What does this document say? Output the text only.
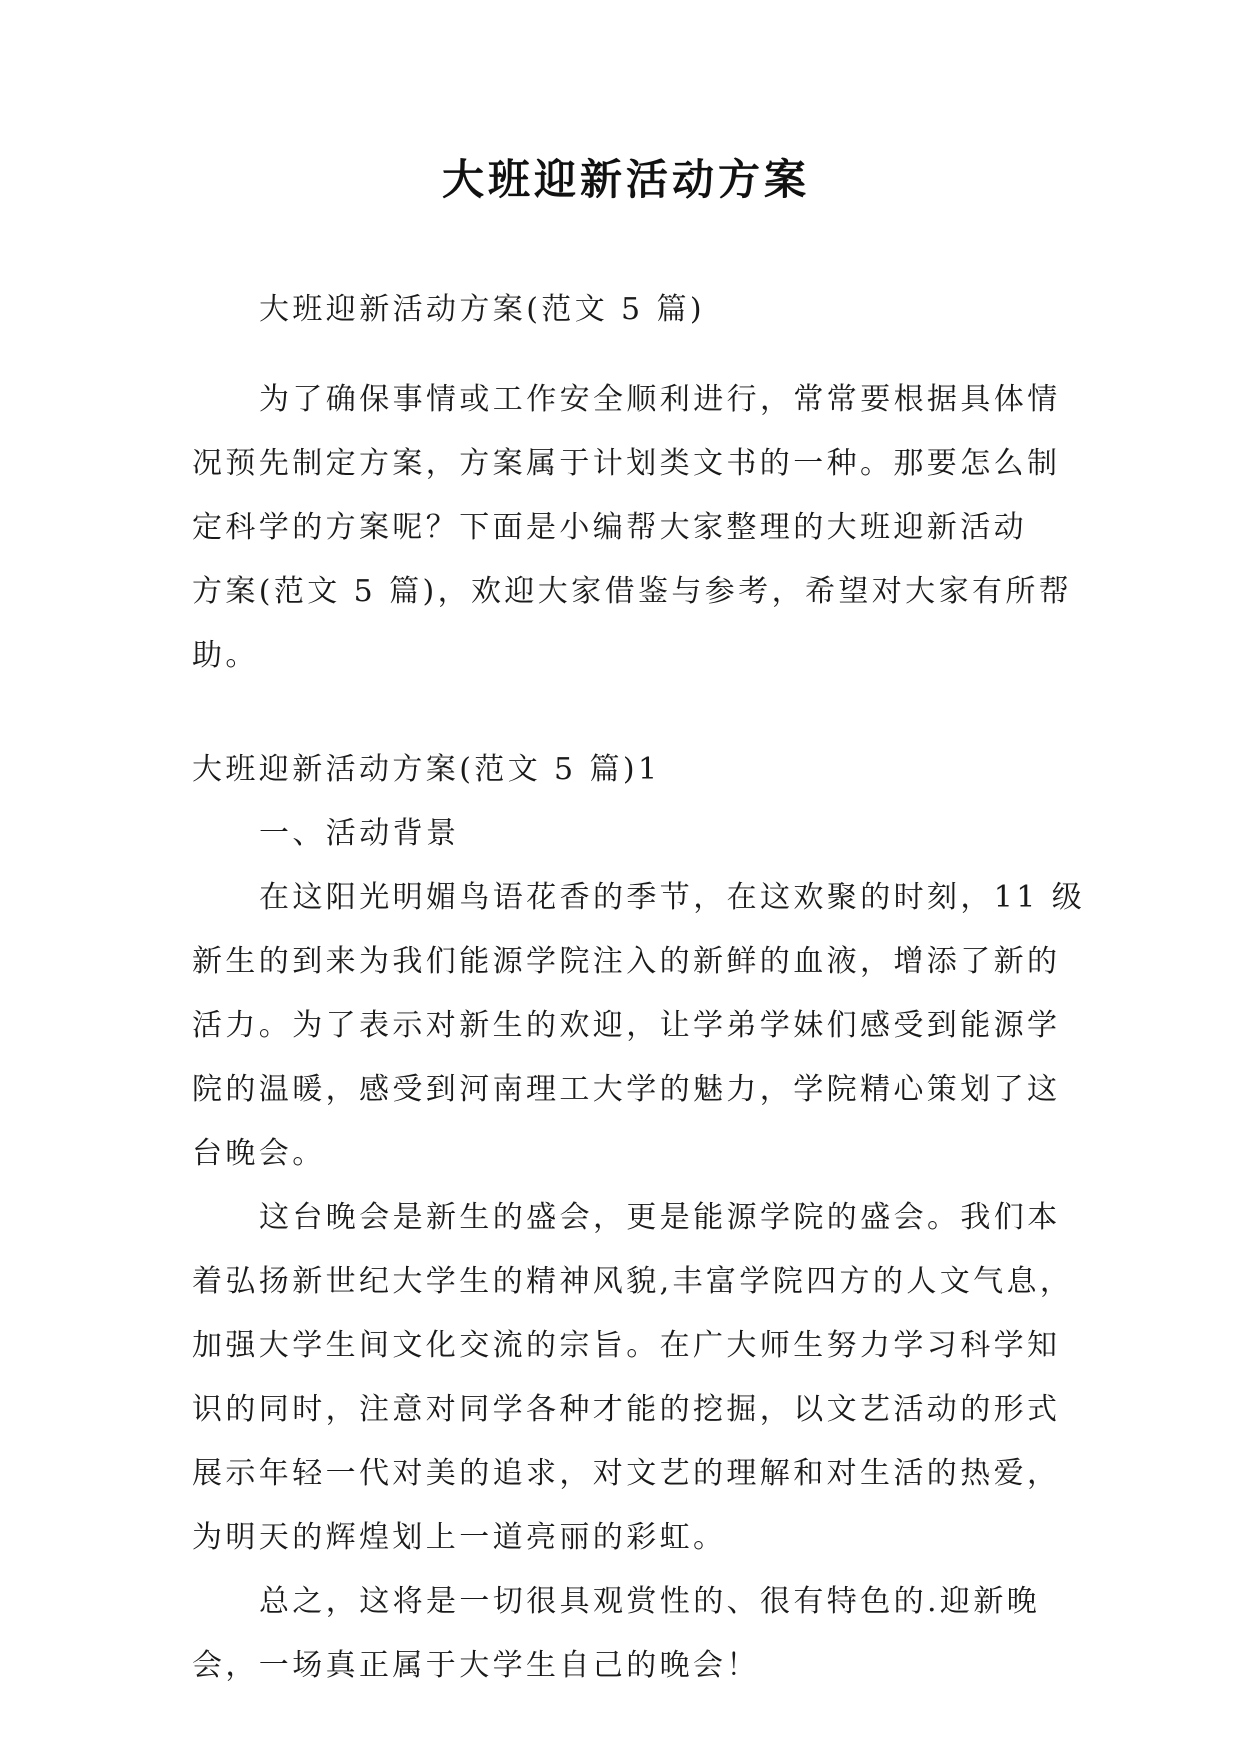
大班迎新活动方案
大班迎新活动方案(范文 5 篇)
为了确保事情或工作安全顺利进行，常常要根据具体情
况预先制定方案，方案属于计划类文书的一种。那要怎么制
定科学的方案呢？下面是小编帮大家整理的大班迎新活动
方案(范文 5 篇)，欢迎大家借鉴与参考，希望对大家有所帮
助。
大班迎新活动方案(范文 5 篇)1
一、活动背景
在这阳光明媚鸟语花香的季节，在这欢聚的时刻，11 级
新生的到来为我们能源学院注入的新鲜的血液，增添了新的
活力。为了表示对新生的欢迎，让学弟学妹们感受到能源学
院的温暖，感受到河南理工大学的魅力，学院精心策划了这
台晚会。
这台晚会是新生的盛会，更是能源学院的盛会。我们本
着弘扬新世纪大学生的精神风貌,丰富学院四方的人文气息，
加强大学生间文化交流的宗旨。在广大师生努力学习科学知
识的同时，注意对同学各种才能的挖掘，以文艺活动的形式
展示年轻一代对美的追求，对文艺的理解和对生活的热爱，
为明天的辉煌划上一道亮丽的彩虹。
总之，这将是一切很具观赏性的、很有特色的.迎新晚
会，一场真正属于大学生自己的晚会！
